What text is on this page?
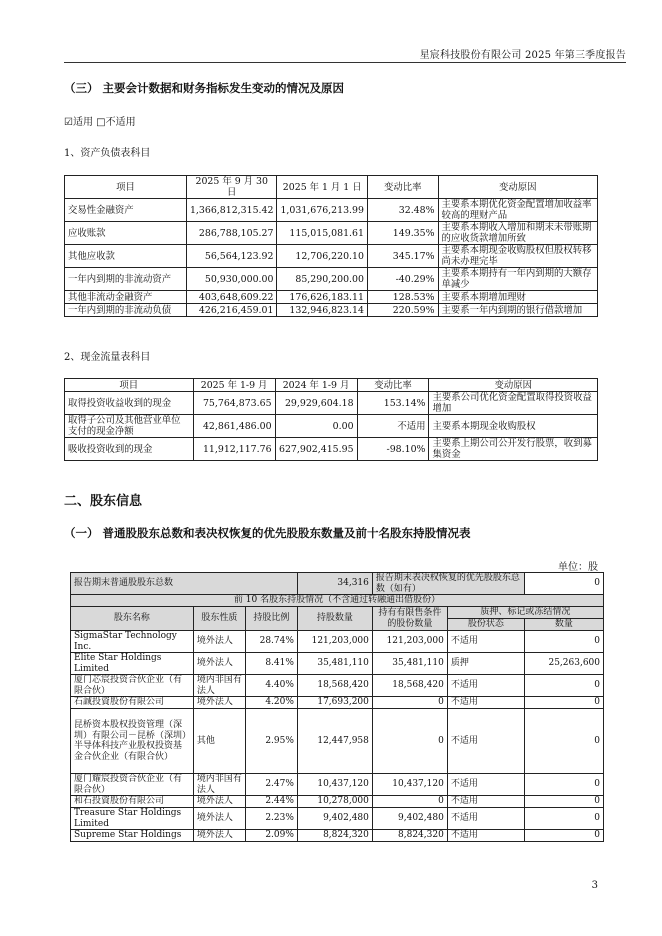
星宸科技股份有限公司 2025 年第三季度报告
（三） 主要会计数据和财务指标发生变动的情况及原因
☑适用 □不适用
1、资产负债表科目
项目	2025 年 9 月 30 日	2025 年 1 月 1 日	变动比率	变动原因
交易性金融资产	1,366,812,315.42	1,031,676,213.99	32.48%	主要系本期优化资金配置增加收益率较高的理财产品
应收账款	286,788,105.27	115,015,081.61	149.35%	主要系本期收入增加和期末未带账期的应收货款增加所致
其他应收款	56,564,123.92	12,706,220.10	345.17%	主要系本期现金收购股权但股权转移尚未办理完毕
一年内到期的非流动资产	50,930,000.00	85,290,200.00	-40.29%	主要系本期持有一年内到期的大额存单减少
其他非流动金融资产	403,648,609.22	176,626,183.11	128.53%	主要系本期增加理财
一年内到期的非流动负债	426,216,459.01	132,946,823.14	220.59%	主要系一年内到期的银行借款增加
2、现金流量表科目
项目	2025 年 1-9 月	2024 年 1-9 月	变动比率	变动原因
取得投资收益收到的现金	75,764,873.65	29,929,604.18	153.14%	主要系公司优化资金配置取得投资收益增加
取得子公司及其他营业单位支付的现金净额	42,861,486.00	0.00	不适用	主要系本期现金收购股权
吸收投资收到的现金	11,912,117.76	627,902,415.95	-98.10%	主要系上期公司公开发行股票，收到募集资金
二、股东信息
（一） 普通股股东总数和表决权恢复的优先股股东数量及前十名股东持股情况表
单位：股
报告期末普通股股东总数			34,316	报告期末表决权恢复的优先股股东总数（如有）		0
前 10 名股东持股情况（不含通过转融通出借股份）						
股东名称	股东性质	持股比例	持股数量	持有有限售条件的股份数量	质押、标记或冻结情况	
					股份状态	数量
SigmaStar Technology Inc.	境外法人	28.74%	121,203,000	121,203,000	不适用	0
Elite Star Holdings Limited	境外法人	8.41%	35,481,110	35,481,110	质押	25,263,600
厦门芯宸投资合伙企业（有限合伙）	境内非国有法人	4.40%	18,568,420	18,568,420	不适用	0
石誠投資股份有限公司	境外法人	4.20%	17,693,200	0	不适用	0
昆桥资本股权投资管理（深圳）有限公司－昆桥（深圳）半导体科技产业股权投资基金合伙企业（有限合伙）	其他	2.95%	12,447,958	0	不适用	0
厦门耀宸投资合伙企业（有限合伙）	境内非国有法人	2.47%	10,437,120	10,437,120	不适用	0
和石投資股份有限公司	境外法人	2.44%	10,278,000	0	不适用	0
Treasure Star Holdings Limited	境外法人	2.23%	9,402,480	9,402,480	不适用	0
Supreme Star Holdings	境外法人	2.09%	8,824,320	8,824,320	不适用	0
3
